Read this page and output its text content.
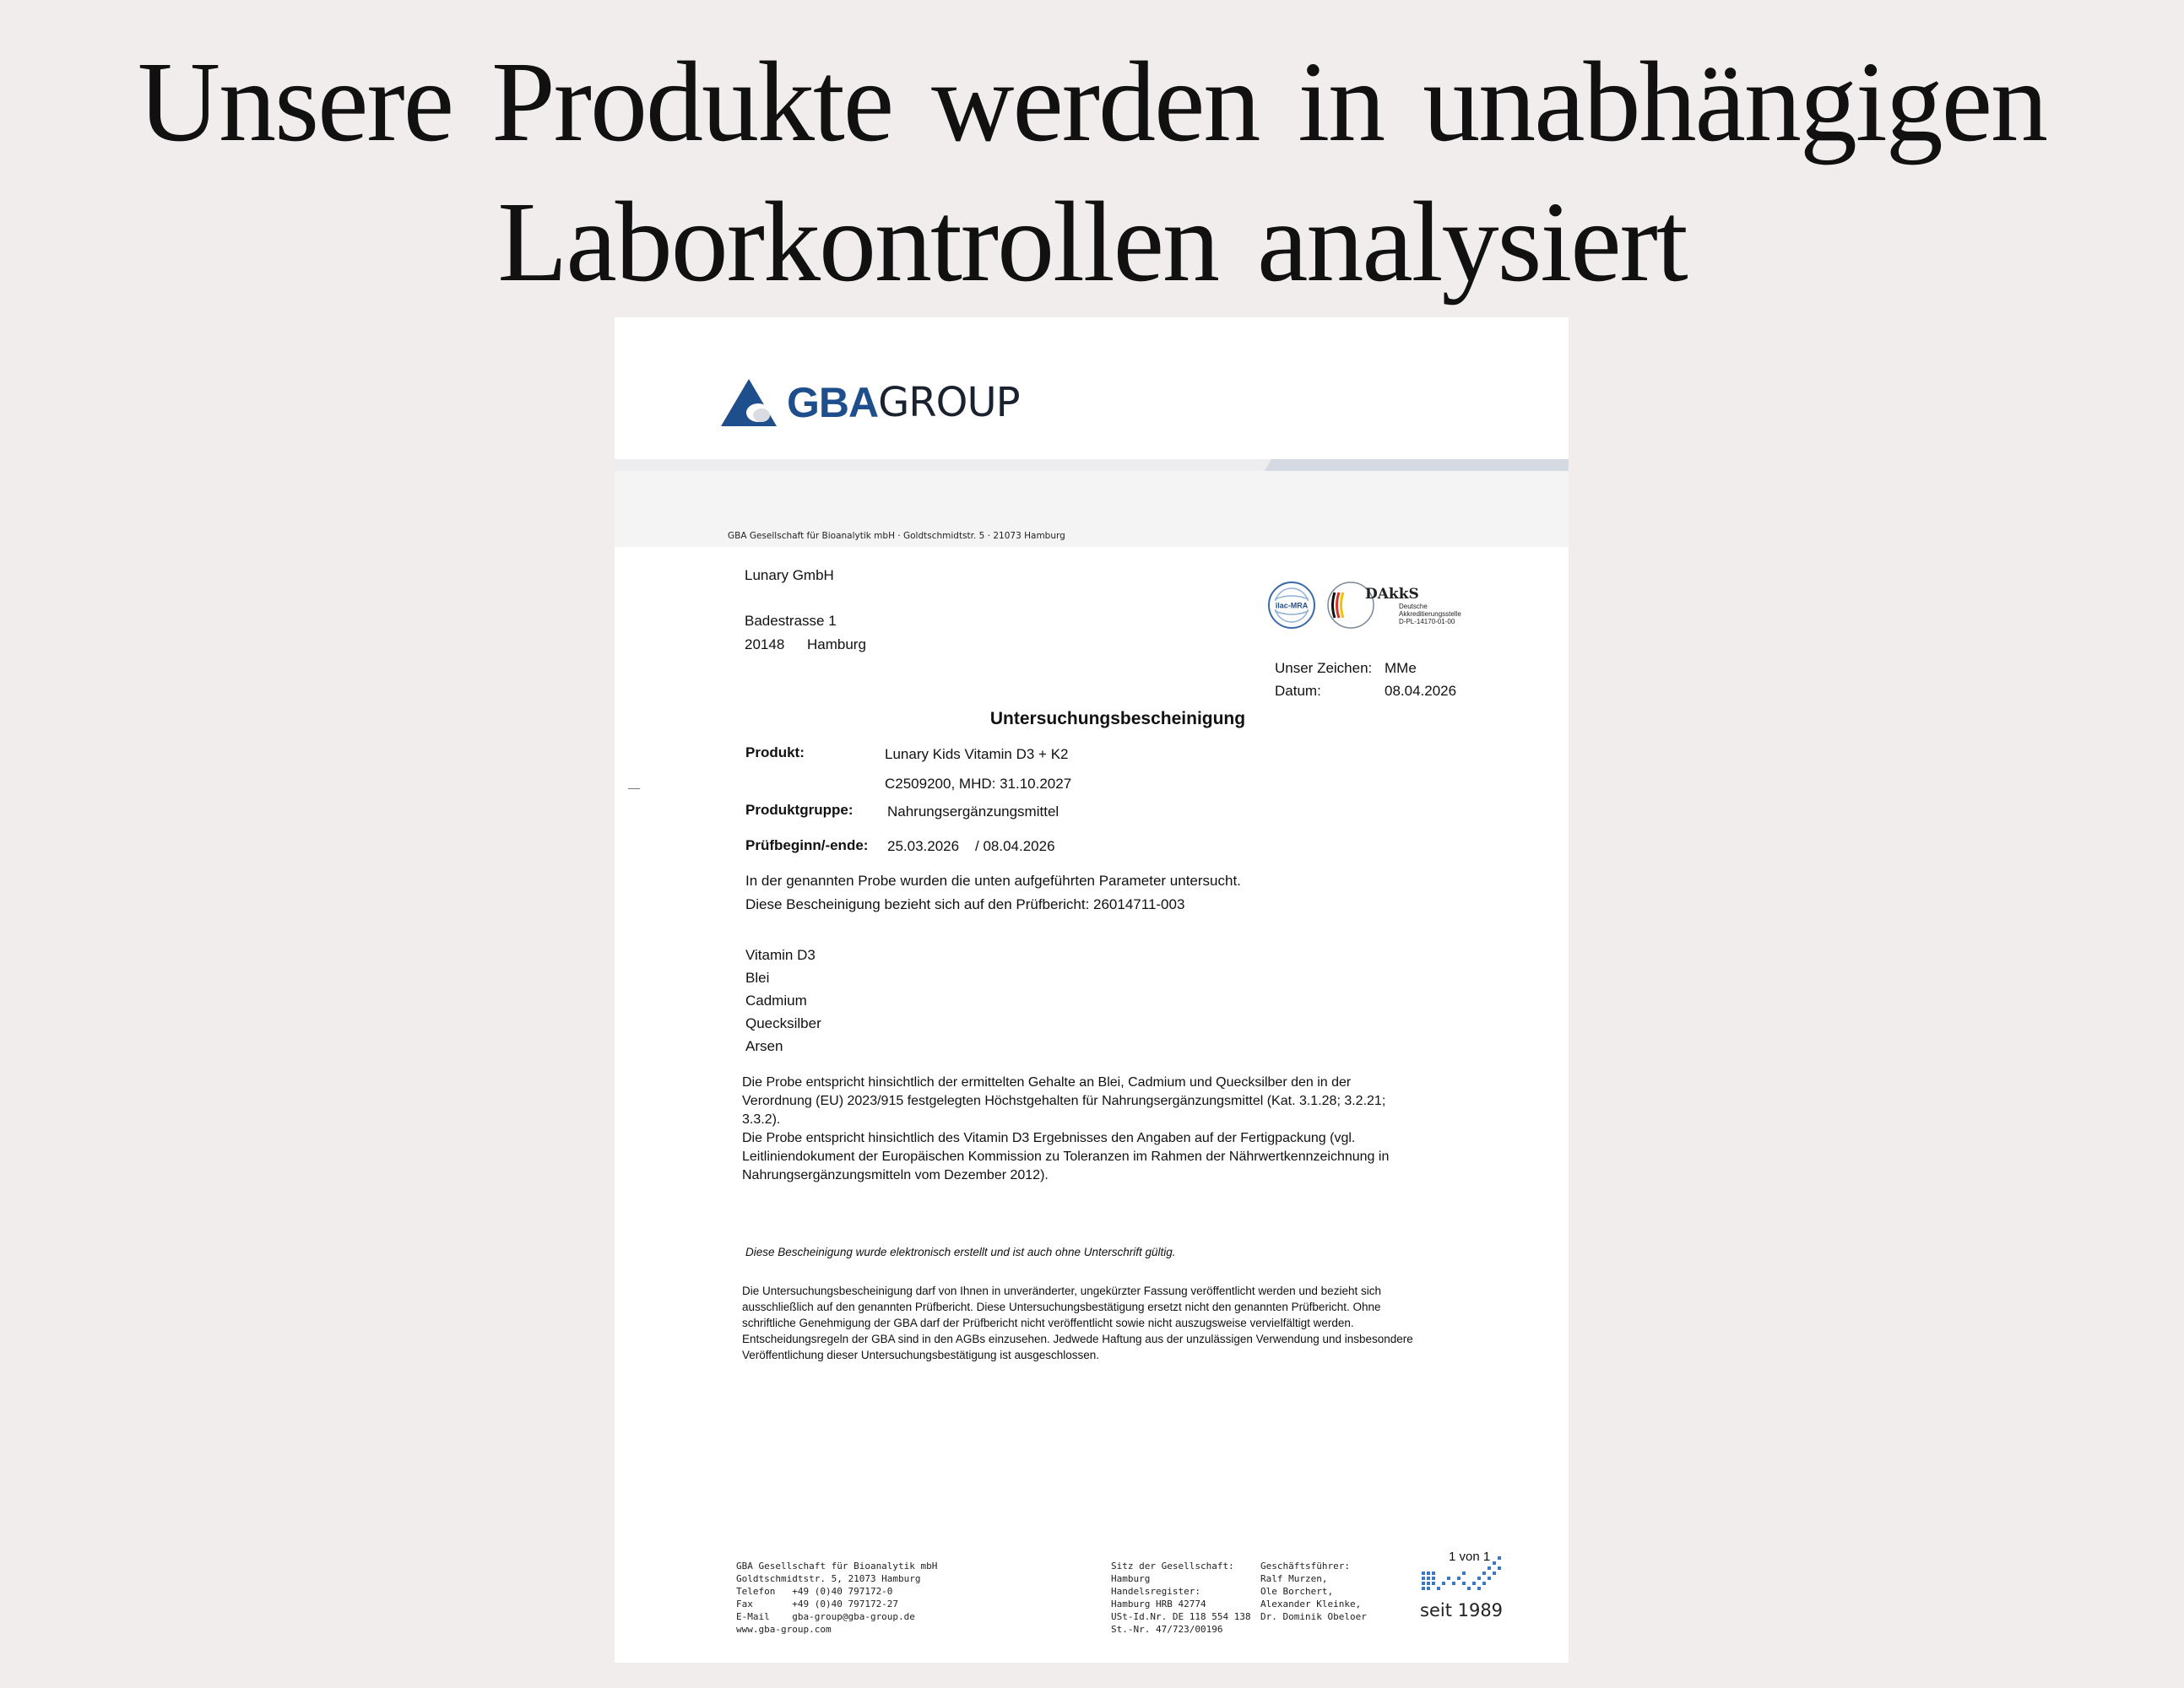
Unsere Produkte werden in unabhängigen
Laborkontrollen analysiert
GBA GROUP
GBA Gesellschaft für Bioanalytik mbH · Goldtschmidtstr. 5 · 21073 Hamburg
Lunary GmbH
Badestrasse 1
20148 Hamburg
ilac-MRA
DAkkS
Deutsche
Akkreditierungsstelle
D-PL-14170-01-00
Unser Zeichen: MMe
Datum:	08.04.2026
Untersuchungsbescheinigung
Produkt:	Lunary Kids Vitamin D3 + K2
C2509200, MHD: 31.10.2027
Produktgruppe: Nahrungsergänzungsmittel
Prüfbeginn/-ende: 25.03.2026 / 08.04.2026
In der genannten Probe wurden die unten aufgeführten Parameter untersucht.
Diese Bescheinigung bezieht sich auf den Prüfbericht: 26014711-003
Vitamin D3
Blei
Cadmium
Quecksilber
Arsen
Die Probe entspricht hinsichtlich der ermittelten Gehalte an Blei, Cadmium und Quecksilber den in der
Verordnung (EU) 2023/915 festgelegten Höchstgehalten für Nahrungsergänzungsmittel (Kat. 3.1.28; 3.2.21;
3.3.2).
Die Probe entspricht hinsichtlich des Vitamin D3 Ergebnisses den Angaben auf der Fertigpackung (vgl.
Leitliniendokument der Europäischen Kommission zu Toleranzen im Rahmen der Nährwertkennzeichnung in
Nahrungsergänzungsmitteln vom Dezember 2012).
Diese Bescheinigung wurde elektronisch erstellt und ist auch ohne Unterschrift gültig.
Die Untersuchungsbescheinigung darf von Ihnen in unveränderter, ungekürzter Fassung veröffentlicht werden und bezieht sich
ausschließlich auf den genannten Prüfbericht. Diese Untersuchungsbestätigung ersetzt nicht den genannten Prüfbericht. Ohne
schriftliche Genehmigung der GBA darf der Prüfbericht nicht veröffentlicht sowie nicht auszugsweise vervielfältigt werden.
Entscheidungsregeln der GBA sind in den AGBs einzusehen. Jedwede Haftung aus der unzulässigen Verwendung und insbesondere
Veröffentlichung dieser Untersuchungsbestätigung ist ausgeschlossen.
GBA Gesellschaft für Bioanalytik mbH
Goldtschmidtstr. 5, 21073 Hamburg
Telefon   +49 (0)40 797172-0
Fax       +49 (0)40 797172-27
E-Mail    gba-group@gba-group.de
www.gba-group.com
Sitz der Gesellschaft:
Hamburg
Handelsregister:
Hamburg HRB 42774
USt-Id.Nr. DE 118 554 138
St.-Nr. 47/723/00196
Geschäftsführer:
Ralf Murzen,
Ole Borchert,
Alexander Kleinke,
Dr. Dominik Obeloer
1 von 1
seit 1989
